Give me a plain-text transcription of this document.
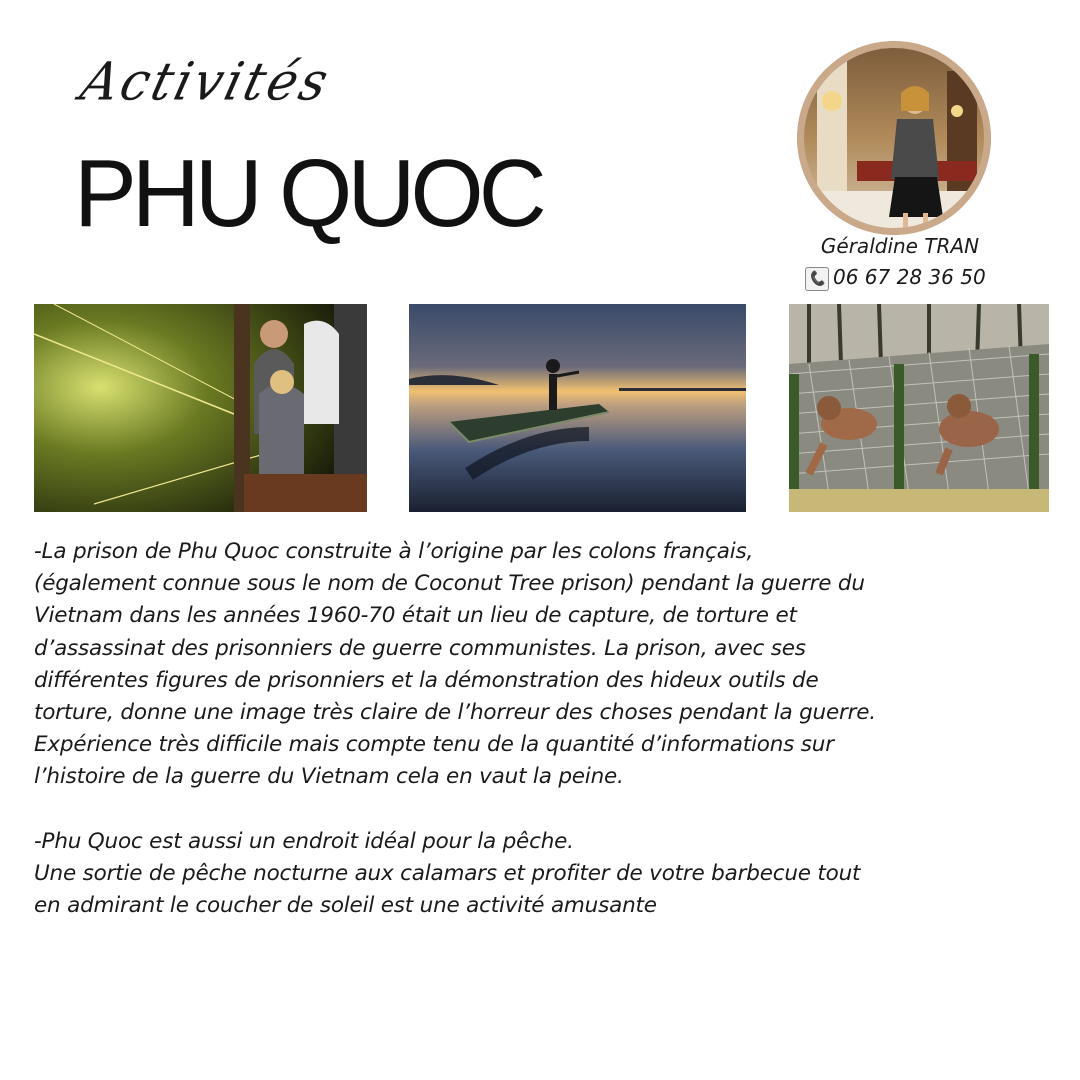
Activités
PHU QUOC	Géraldine TRAN
📞 06 67 28 36 50

-La prison de Phu Quoc construite à l’origine par les colons français,

(également connue sous le nom de Coconut Tree prison) pendant la guerre du

Vietnam dans les années 1960-70 était un lieu de capture, de torture et

d’assassinat des prisonniers de guerre communistes. La prison, avec ses

différentes figures de prisonniers et la démonstration des hideux outils de

torture, donne une image très claire de l’horreur des choses pendant la guerre.

Expérience très difficile mais compte tenu de la quantité d’informations sur

l’histoire de la guerre du Vietnam cela en vaut la peine.

-Phu Quoc est aussi un endroit idéal pour la pêche.

Une sortie de pêche nocturne aux calamars et profiter de votre barbecue tout

en admirant le coucher de soleil est une activité amusante
